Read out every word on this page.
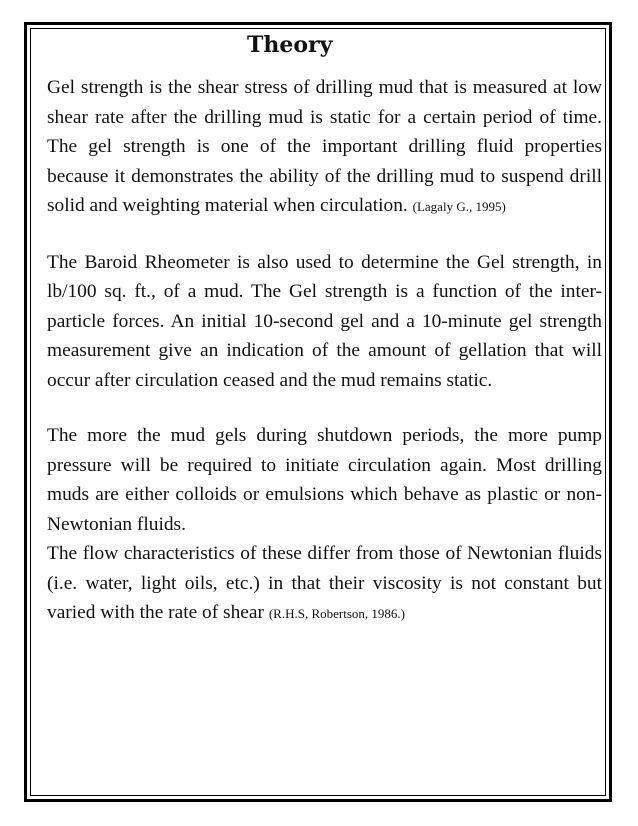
Theory

Gel strength is the shear stress of drilling mud that is measured at low shear rate after the drilling mud is static for a certain period of time. The gel strength is one of the important drilling fluid properties because it demonstrates the ability of the drilling mud to suspend drill solid and weighting material when circulation. (Lagaly G., 1995)

The Baroid Rheometer is also used to determine the Gel strength, in lb/100 sq. ft., of a mud. The Gel strength is a function of the inter-particle forces. An initial 10-second gel and a 10-minute gel strength measurement give an indication of the amount of gellation that will occur after circulation ceased and the mud remains static.

The more the mud gels during shutdown periods, the more pump pressure will be required to initiate circulation again. Most drilling muds are either colloids or emulsions which behave as plastic or non-Newtonian fluids.

The flow characteristics of these differ from those of Newtonian fluids (i.e. water, light oils, etc.) in that their viscosity is not constant but varied with the rate of shear (R.H.S, Robertson, 1986.)
